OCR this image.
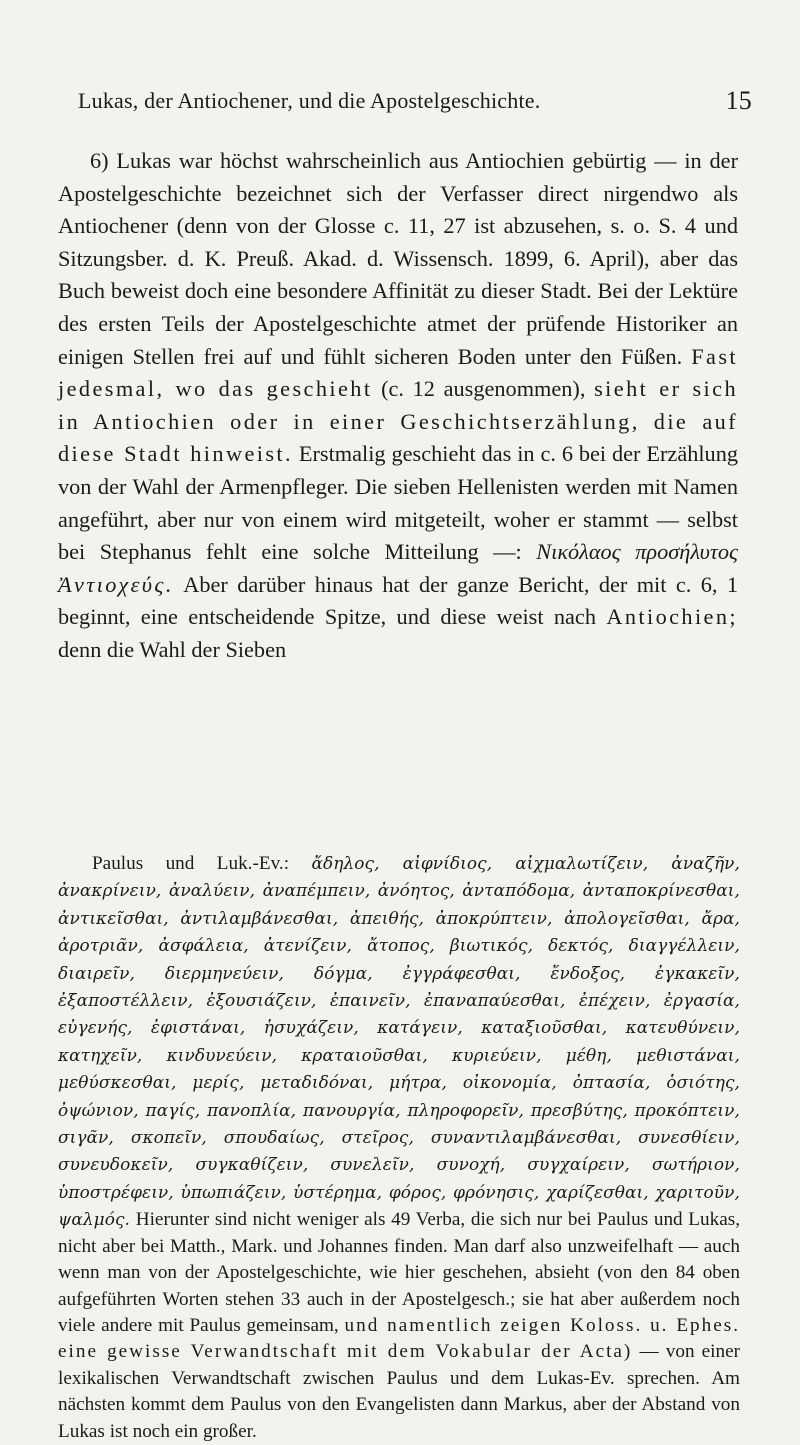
Lukas, der Antiochener, und die Apostelgeschichte.	15

6) Lukas war höchst wahrscheinlich aus Antiochien gebürtig — in der Apostelgeschichte bezeichnet sich der Verfasser direct nirgendwo als Antiochener (denn von der Glosse c. 11, 27 ist abzusehen, s. o. S. 4 und Sitzungsber. d. K. Preuß. Akad. d. Wissensch. 1899, 6. April), aber das Buch beweist doch eine besondere Affinität zu dieser Stadt. Bei der Lektüre des ersten Teils der Apostelgeschichte atmet der prüfende Historiker an einigen Stellen frei auf und fühlt sicheren Boden unter den Füßen. Fast jedesmal, wo das geschieht (c. 12 ausgenommen), sieht er sich in Antiochien oder in einer Geschichtserzählung, die auf diese Stadt hinweist. Erstmalig geschieht das in c. 6 bei der Erzählung von der Wahl der Armenpfleger. Die sieben Hellenisten werden mit Namen angeführt, aber nur von einem wird mitgeteilt, woher er stammt — selbst bei Stephanus fehlt eine solche Mitteilung —: Νικόλαος προσήλυτος Ἀντιοχεύς. Aber darüber hinaus hat der ganze Bericht, der mit c. 6, 1 beginnt, eine entscheidende Spitze, und diese weist nach Antiochien; denn die Wahl der Sieben

Paulus und Luk.-Ev.: ἄδηλος, αἰφνίδιος, αἰχμαλωτίζειν, ἀναζῆν, ἀνακρίνειν, ἀναλύειν, ἀναπέμπειν, ἀνόητος, ἀνταπόδομα, ἀνταποκρίνεσθαι, ἀντικεῖσθαι, ἀντιλαμβάνεσθαι, ἀπειθής, ἀποκρύπτειν, ἀπολογεῖσθαι, ἄρα, ἀροτριᾶν, ἀσφάλεια, ἀτενίζειν, ἄτοπος, βιωτικός, δεκτός, διαγγέλλειν, διαιρεῖν, διερμηνεύειν, δόγμα, ἐγγράφεσθαι, ἔνδοξος, ἐγκακεῖν, ἐξαποστέλλειν, ἐξουσιάζειν, ἐπαινεῖν, ἐπαναπαύεσθαι, ἐπέχειν, ἐργασία, εὐγενής, ἐφιστάναι, ἡσυχάζειν, κατάγειν, καταξιοῦσθαι, κατευθύνειν, κατηχεῖν, κινδυνεύειν, κραταιοῦσθαι, κυριεύειν, μέθη, μεθιστάναι, μεθύσκεσθαι, μερίς, μεταδιδόναι, μήτρα, οἰκονομία, ὀπτασία, ὁσιότης, ὀψώνιον, παγίς, πανοπλία, πανουργία, πληροφορεῖν, πρεσβύτης, προκόπτειν, σιγᾶν, σκοπεῖν, σπουδαίως, στεῖρος, συναντιλαμβάνεσθαι, συνεσθίειν, συνευδοκεῖν, συγκαθίζειν, συνελεῖν, συνοχή, συγχαίρειν, σωτήριον, ὑποστρέφειν, ὑπωπιάζειν, ὑστέρημα, φόρος, φρόνησις, χαρίζεσθαι, χαριτοῦν, ψαλμός. Hierunter sind nicht weniger als 49 Verba, die sich nur bei Paulus und Lukas, nicht aber bei Matth., Mark. und Johannes finden. Man darf also unzweifelhaft — auch wenn man von der Apostelgeschichte, wie hier geschehen, absieht (von den 84 oben aufgeführten Worten stehen 33 auch in der Apostelgesch.; sie hat aber außerdem noch viele andere mit Paulus gemeinsam, und namentlich zeigen Koloss. u. Ephes. eine gewisse Verwandtschaft mit dem Vokabular der Acta) — von einer lexikalischen Verwandtschaft zwischen Paulus und dem Lukas-Ev. sprechen. Am nächsten kommt dem Paulus von den Evangelisten dann Markus, aber der Abstand von Lukas ist noch ein großer.
